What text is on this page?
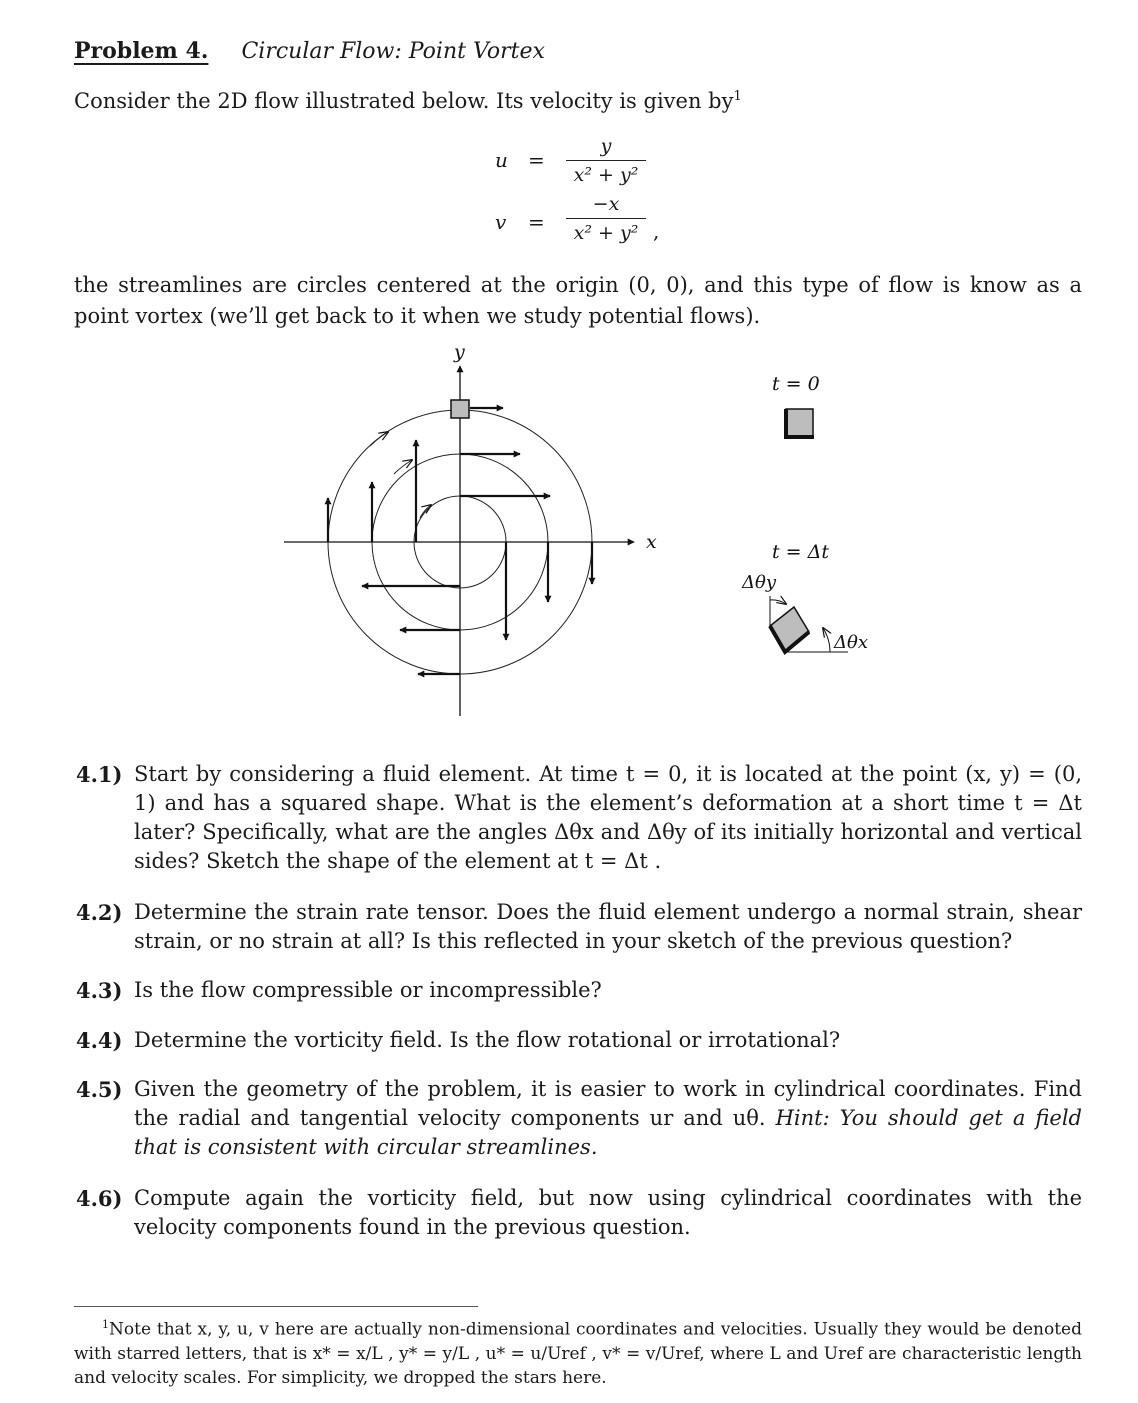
Problem 4. Circular Flow: Point Vortex
Consider the 2D flow illustrated below. Its velocity is given $by^1$
u =
y
x² + y²
v =
−x
x² + y² ,
the streamlines are circles centered at the origin (0, 0), and this type of flow is know as a point vortex (we’ll get back to it when we study potential flows).
y
x
t = 0
t = Δt
Δθy
Δθx
4.1) Start by considering a fluid element. At time t = 0, it is located at the point (x, y) = (0, 1) and has a squared shape. What is the element’s deformation at a short time t = Δt later? Specifically, what are the angles Δθx and Δθy of its initially horizontal and vertical sides? Sketch the shape of the element at t = Δt .
4.2) Determine the strain rate tensor. Does the fluid element undergo a normal strain, shear strain, or no strain at all? Is this reflected in your sketch of the previous question?
4.3) Is the flow compressible or incompressible?
4.4) Determine the vorticity field. Is the flow rotational or irrotational?
4.5) Given the geometry of the problem, it is easier to work in cylindrical coordinates. Find the radial and tangential velocity components ur and uθ. Hint: You should get a field that is consistent with circular streamlines.
4.6) Compute again the vorticity field, but now using cylindrical coordinates with the velocity components found in the previous question.
$^1$Note that x, y, u, v here are actually non-dimensional coordinates and velocities. Usually they would be denoted with starred letters, that is x* = x/L , y* = y/L , u* = u/Uref , v* = v/Uref, where L and Uref are characteristic length and velocity scales. For simplicity, we dropped the stars here.
